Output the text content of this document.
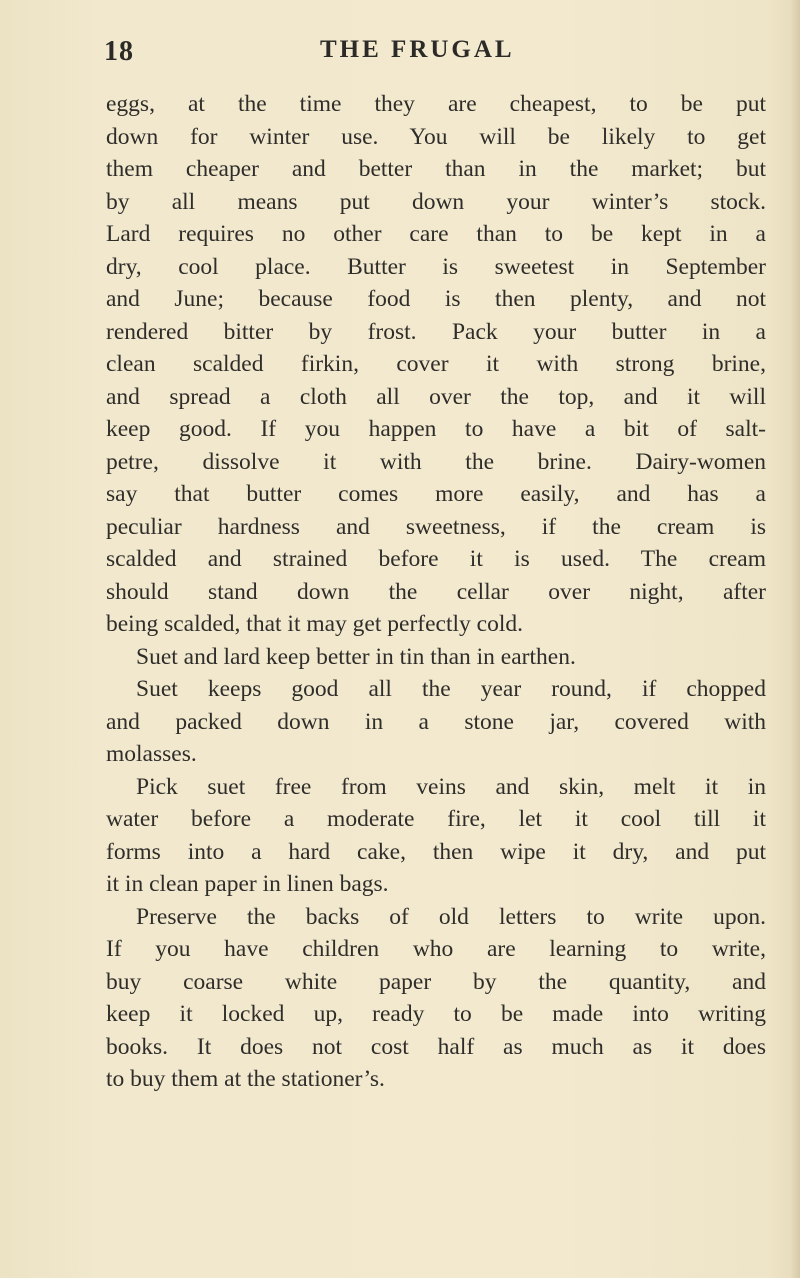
18	THE FRUGAL
eggs, at the time they are cheapest, to be put
down for winter use. You will be likely to get
them cheaper and better than in the market; but
by all means put down your winter’s stock.
Lard requires no other care than to be kept in a
dry, cool place. Butter is sweetest in September
and June; because food is then plenty, and not
rendered bitter by frost. Pack your butter in a
clean scalded firkin, cover it with strong brine,
and spread a cloth all over the top, and it will
keep good. If you happen to have a bit of salt-
petre, dissolve it with the brine. Dairy-women
say that butter comes more easily, and has a
peculiar hardness and sweetness, if the cream is
scalded and strained before it is used. The cream
should stand down the cellar over night, after
being scalded, that it may get perfectly cold.
Suet and lard keep better in tin than in earthen.
Suet keeps good all the year round, if chopped
and packed down in a stone jar, covered with
molasses.
Pick suet free from veins and skin, melt it in
water before a moderate fire, let it cool till it
forms into a hard cake, then wipe it dry, and put
it in clean paper in linen bags.
Preserve the backs of old letters to write upon.
If you have children who are learning to write,
buy coarse white paper by the quantity, and
keep it locked up, ready to be made into writing
books. It does not cost half as much as it does
to buy them at the stationer’s.
